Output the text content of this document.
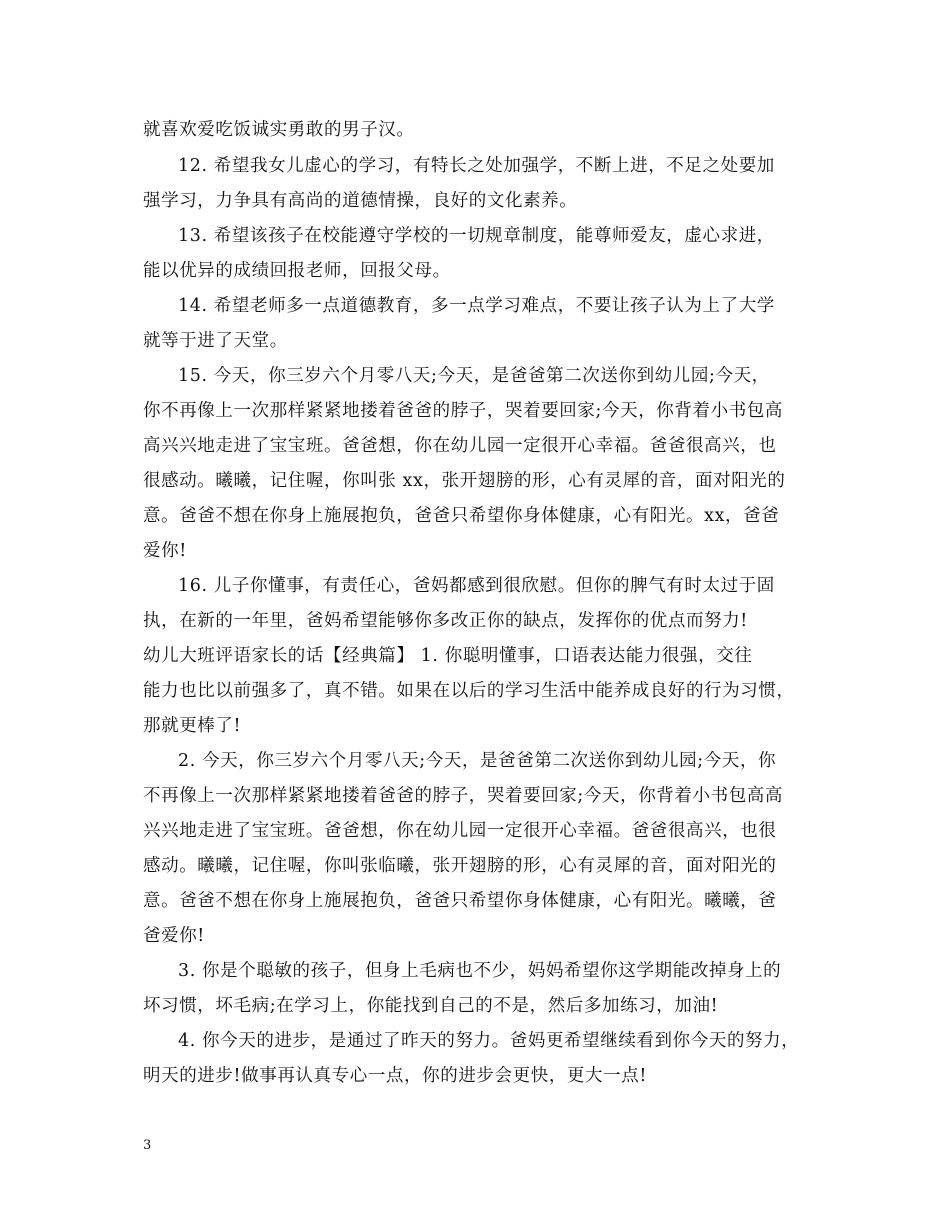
就喜欢爱吃饭诚实勇敢的男子汉。
12. 希望我女儿虚心的学习，有特长之处加强学，不断上进，不足之处要加
强学习，力争具有高尚的道德情操，良好的文化素养。
13. 希望该孩子在校能遵守学校的一切规章制度，能尊师爱友，虚心求进，
能以优异的成绩回报老师，回报父母。
14. 希望老师多一点道德教育，多一点学习难点，不要让孩子认为上了大学
就等于进了天堂。
15. 今天，你三岁六个月零八天;今天，是爸爸第二次送你到幼儿园;今天，
你不再像上一次那样紧紧地搂着爸爸的脖子，哭着要回家;今天，你背着小书包高
高兴兴地走进了宝宝班。爸爸想，你在幼儿园一定很开心幸福。爸爸很高兴，也
很感动。曦曦，记住喔，你叫张 xx，张开翅膀的形，心有灵犀的音，面对阳光的
意。爸爸不想在你身上施展抱负，爸爸只希望你身体健康，心有阳光。xx，爸爸
爱你!
16. 儿子你懂事，有责任心，爸妈都感到很欣慰。但你的脾气有时太过于固
执，在新的一年里，爸妈希望能够你多改正你的缺点，发挥你的优点而努力!
幼儿大班评语家长的话【经典篇】 1. 你聪明懂事，口语表达能力很强，交往
能力也比以前强多了，真不错。如果在以后的学习生活中能养成良好的行为习惯，
那就更棒了!
2. 今天，你三岁六个月零八天;今天，是爸爸第二次送你到幼儿园;今天，你
不再像上一次那样紧紧地搂着爸爸的脖子，哭着要回家;今天，你背着小书包高高
兴兴地走进了宝宝班。爸爸想，你在幼儿园一定很开心幸福。爸爸很高兴，也很
感动。曦曦，记住喔，你叫张临曦，张开翅膀的形，心有灵犀的音，面对阳光的
意。爸爸不想在你身上施展抱负，爸爸只希望你身体健康，心有阳光。曦曦，爸
爸爱你!
3. 你是个聪敏的孩子，但身上毛病也不少，妈妈希望你这学期能改掉身上的
坏习惯，坏毛病;在学习上，你能找到自己的不是，然后多加练习，加油!
4. 你今天的进步，是通过了昨天的努力。爸妈更希望继续看到你今天的努力，
明天的进步!做事再认真专心一点，你的进步会更快，更大一点!
3
